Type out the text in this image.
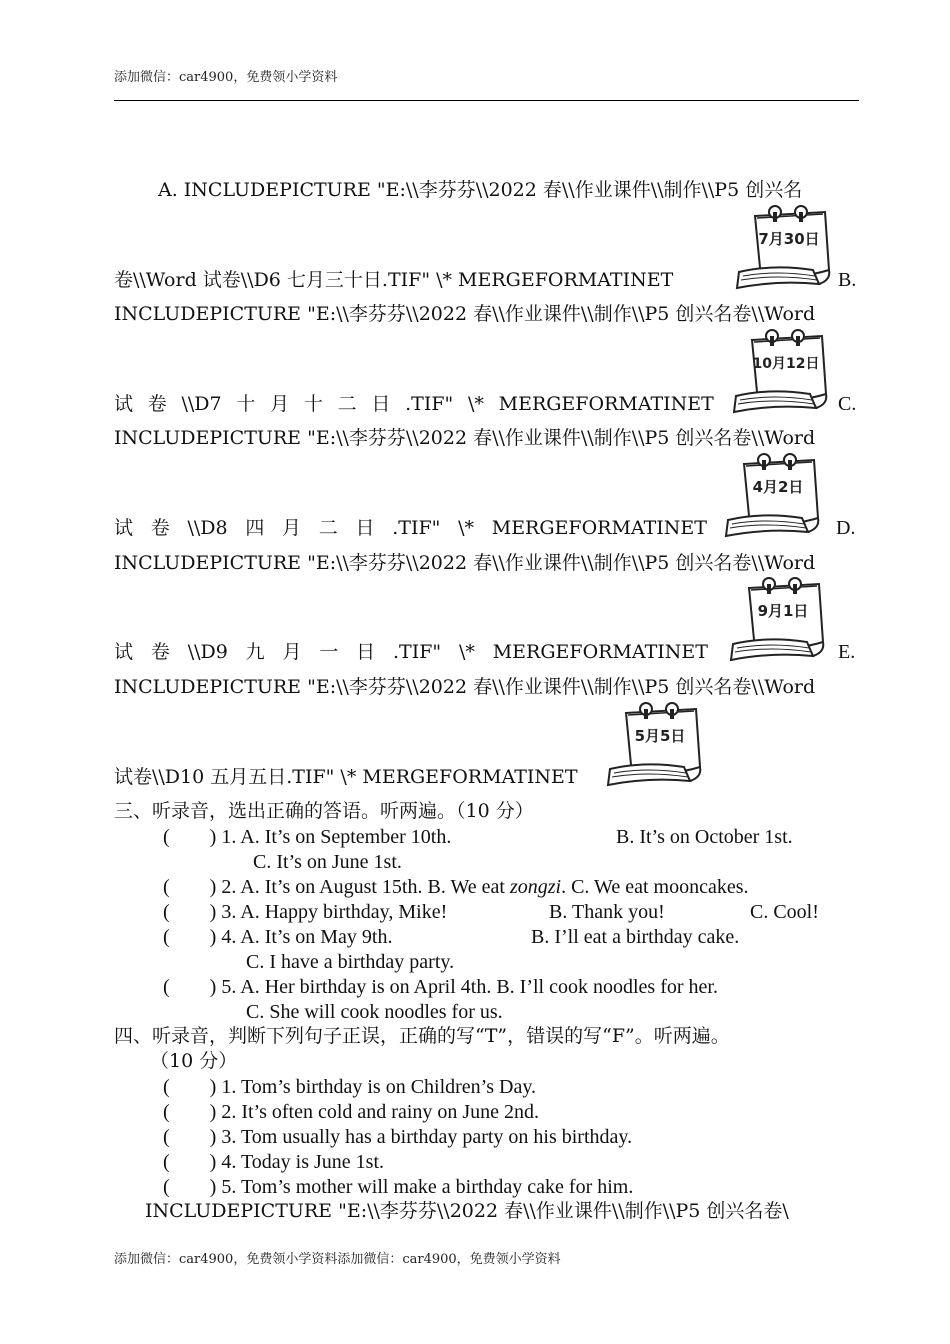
添加微信：car4900，免费领小学资料
A. INCLUDEPICTURE "E:\\李芬芬\\2022 春\\作业课件\\制作\\P5 创兴名
卷\\Word 试卷\\D6 七月三十日.TIF" \* MERGEFORMATINET	B.
INCLUDEPICTURE "E:\\李芬芬\\2022 春\\作业课件\\制作\\P5 创兴名卷\\Word
试 卷 \\D7 十 月 十 二 日 .TIF" \* MERGEFORMATINET	C.
INCLUDEPICTURE "E:\\李芬芬\\2022 春\\作业课件\\制作\\P5 创兴名卷\\Word
试 卷 \\D8 四 月 二 日 .TIF" \* MERGEFORMATINET	D.
INCLUDEPICTURE "E:\\李芬芬\\2022 春\\作业课件\\制作\\P5 创兴名卷\\Word
试 卷 \\D9 九 月 一 日 .TIF" \* MERGEFORMATINET	E.
INCLUDEPICTURE "E:\\李芬芬\\2022 春\\作业课件\\制作\\P5 创兴名卷\\Word
试卷\\D10 五月五日.TIF" \* MERGEFORMATINET
7月30日
10月12日
4月2日
9月1日
5月5日
三、听录音，选出正确的答语。听两遍。（10 分）
( ) 1. A. It’s on September 10th.	B. It’s on October 1st.
C. It’s on June 1st.
( ) 2. A. It’s on August 15th. B. We eat zongzi. C. We eat mooncakes.
( ) 3. A. Happy birthday, Mike!	B. Thank you!	C. Cool!
( ) 4. A. It’s on May 9th.	B. I’ll eat a birthday cake.
C. I have a birthday party.
( ) 5. A. Her birthday is on April 4th. B. I’ll cook noodles for her.
C. She will cook noodles for us.
四、听录音，判断下列句子正误，正确的写“T”，错误的写“F”。听两遍。
（10 分）
( ) 1. Tom’s birthday is on Children’s Day.
( ) 2. It’s often cold and rainy on June 2nd.
( ) 3. Tom usually has a birthday party on his birthday.
( ) 4. Today is June 1st.
( ) 5. Tom’s mother will make a birthday cake for him.
INCLUDEPICTURE "E:\\李芬芬\\2022 春\\作业课件\\制作\\P5 创兴名卷\
添加微信：car4900，免费领小学资料添加微信：car4900，免费领小学资料
